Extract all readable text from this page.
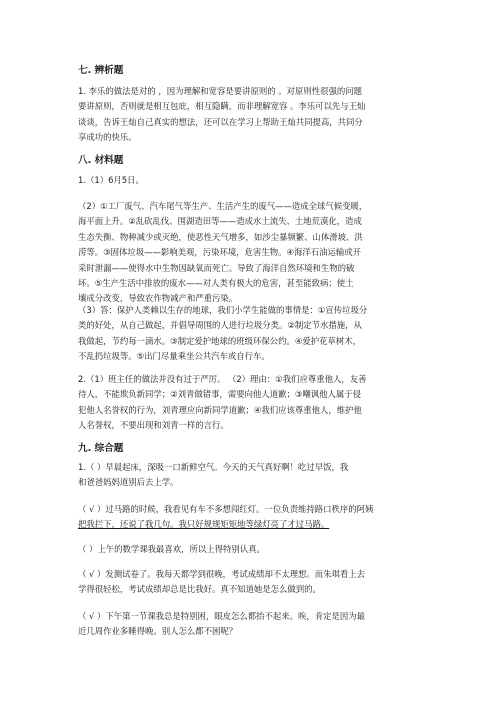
七. 辨析题
1. 李乐的做法是对的 ，因为理解和宽容是要讲原则的 。对原则性很强的问题
要讲原则，否则就是相互包庇，相互隐瞒，而非理解宽容 。李乐可以先与王灿
谈谈，告诉王灿自己真实的想法，还可以在学习上帮助王灿共同提高，共同分
享成功的快乐。
八. 材料题
1.（1）6月5日。
（2）①工厂废气、汽车尾气等生产、生活产生的废气——造成全球气候变暖，
海平面上升。②乱砍乱伐、围湖造田等——造成水土流失、土地荒漠化，造成
生态失衡、物种减少或灭绝，使恶性天气增多，如沙尘暴频繁、山体滑坡、洪
涝等。③固体垃圾——影响美观，污染环境，危害生物。④海洋石油运输或开
采时泄漏——使得水中生物因缺氧而死亡。导致了海洋自然环境和生物的破
坏。⑤生产生活中排放的废水——对人类有极大的危害，甚至能致病；使土
壤成分改变，导致农作物减产和严重污染。
（3）答：保护人类赖以生存的地球，我们小学生能做的事情是：①宣传垃圾分
类的好处，从自己做起，并倡导周围的人进行垃圾分类。②制定节水措施，从
我做起，节约每一滴水。③制定爱护地球的班级环保公约。④爱护花草树木，
不乱扔垃圾等。⑤出门尽量乘坐公共汽车或自行车。
2.（1）班主任的做法并没有过于严厉。 （2）理由：①我们应尊重他人，友善
待人，不能欺负新同学；②刘青做错事，需要向他人道歉；③嘲讽他人属于侵
犯他人名誉权的行为，刘青理应向新同学道歉；④我们应该尊重他人，维护他
人名誉权，不要出现和刘青一样的言行。
九. 综合题
1.（ ）早晨起床，深吸一口新鲜空气。今天的天气真好啊！吃过早饭，我
和爸爸妈妈道别后去上学。
（ √ ）过马路的时候，我看见有车不多想闯红灯。一位负责维持路口秩序的阿姨
把我拦下，还说了我几句。我只好规规矩矩地等绿灯亮了才过马路。
（ ）上午的数学课我最喜欢，所以上得特别认真。
（ √ ）发测试卷了。我每天都学到很晚，考试成绩却不太理想。而朱琪看上去
学得很轻松，考试成绩却总是比我好。真不知道她是怎么做到的。
（ √ ）下午第一节课我总是特别困，眼皮怎么都抬不起来。唉，肯定是因为最
近几周作业多睡得晚。别人怎么都不困呢？
